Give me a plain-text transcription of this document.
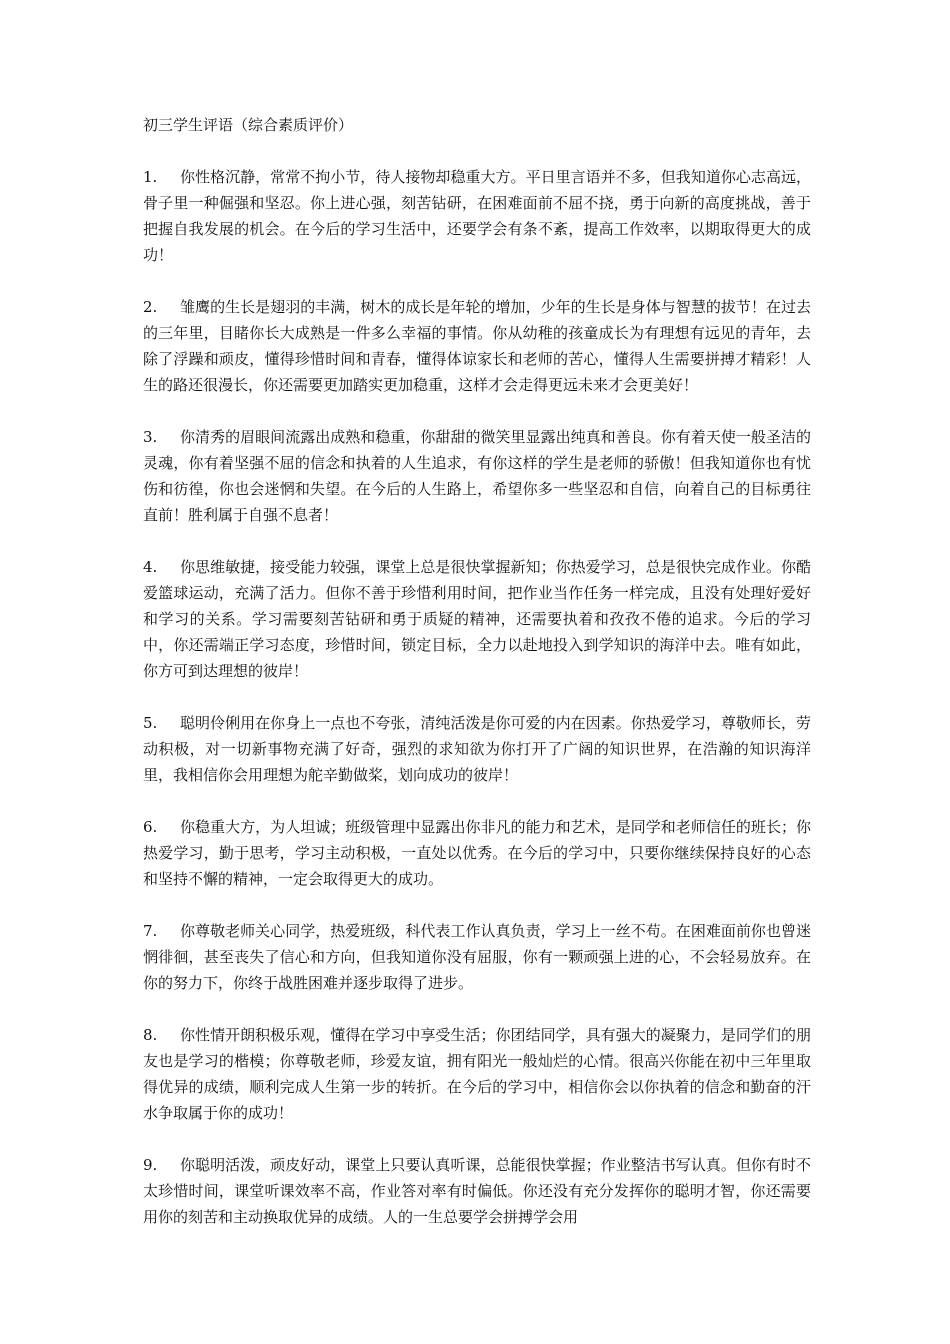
初三学生评语（综合素质评价）

1. 你性格沉静，常常不拘小节，待人接物却稳重大方。平日里言语并不多，但我知道你心志高远，骨子里一种倔强和坚忍。你上进心强，刻苦钻研，在困难面前不屈不挠，勇于向新的高度挑战，善于把握自我发展的机会。在今后的学习生活中，还要学会有条不紊，提高工作效率，以期取得更大的成功！

2. 雏鹰的生长是翅羽的丰满，树木的成长是年轮的增加，少年的生长是身体与智慧的拔节！在过去的三年里，目睹你长大成熟是一件多么幸福的事情。你从幼稚的孩童成长为有理想有远见的青年，去除了浮躁和顽皮，懂得珍惜时间和青春，懂得体谅家长和老师的苦心，懂得人生需要拼搏才精彩！人生的路还很漫长，你还需要更加踏实更加稳重，这样才会走得更远未来才会更美好！

3. 你清秀的眉眼间流露出成熟和稳重，你甜甜的微笑里显露出纯真和善良。你有着天使一般圣洁的灵魂，你有着坚强不屈的信念和执着的人生追求，有你这样的学生是老师的骄傲！但我知道你也有忧伤和彷徨，你也会迷惘和失望。在今后的人生路上，希望你多一些坚忍和自信，向着自己的目标勇往直前！胜利属于自强不息者！

4. 你思维敏捷，接受能力较强，课堂上总是很快掌握新知；你热爱学习，总是很快完成作业。你酷爱篮球运动，充满了活力。但你不善于珍惜利用时间，把作业当作任务一样完成，且没有处理好爱好和学习的关系。学习需要刻苦钻研和勇于质疑的精神，还需要执着和孜孜不倦的追求。今后的学习中，你还需端正学习态度，珍惜时间，锁定目标，全力以赴地投入到学知识的海洋中去。唯有如此，你方可到达理想的彼岸！

5. 聪明伶俐用在你身上一点也不夸张，清纯活泼是你可爱的内在因素。你热爱学习，尊敬师长，劳动积极，对一切新事物充满了好奇，强烈的求知欲为你打开了广阔的知识世界，在浩瀚的知识海洋里，我相信你会用理想为舵辛勤做桨，划向成功的彼岸！

6. 你稳重大方，为人坦诚；班级管理中显露出你非凡的能力和艺术，是同学和老师信任的班长；你热爱学习，勤于思考，学习主动积极，一直处以优秀。在今后的学习中，只要你继续保持良好的心态和坚持不懈的精神，一定会取得更大的成功。

7. 你尊敬老师关心同学，热爱班级，科代表工作认真负责，学习上一丝不苟。在困难面前你也曾迷惘徘徊，甚至丧失了信心和方向，但我知道你没有屈服，你有一颗顽强上进的心，不会轻易放弃。在你的努力下，你终于战胜困难并逐步取得了进步。

8. 你性情开朗积极乐观，懂得在学习中享受生活；你团结同学，具有强大的凝聚力，是同学们的朋友也是学习的楷模；你尊敬老师，珍爱友谊，拥有阳光一般灿烂的心情。很高兴你能在初中三年里取得优异的成绩，顺利完成人生第一步的转折。在今后的学习中，相信你会以你执着的信念和勤奋的汗水争取属于你的成功！

9. 你聪明活泼，顽皮好动，课堂上只要认真听课，总能很快掌握；作业整洁书写认真。但你有时不太珍惜时间，课堂听课效率不高，作业答对率有时偏低。你还没有充分发挥你的聪明才智，你还需要用你的刻苦和主动换取优异的成绩。人的一生总要学会拼搏学会用
